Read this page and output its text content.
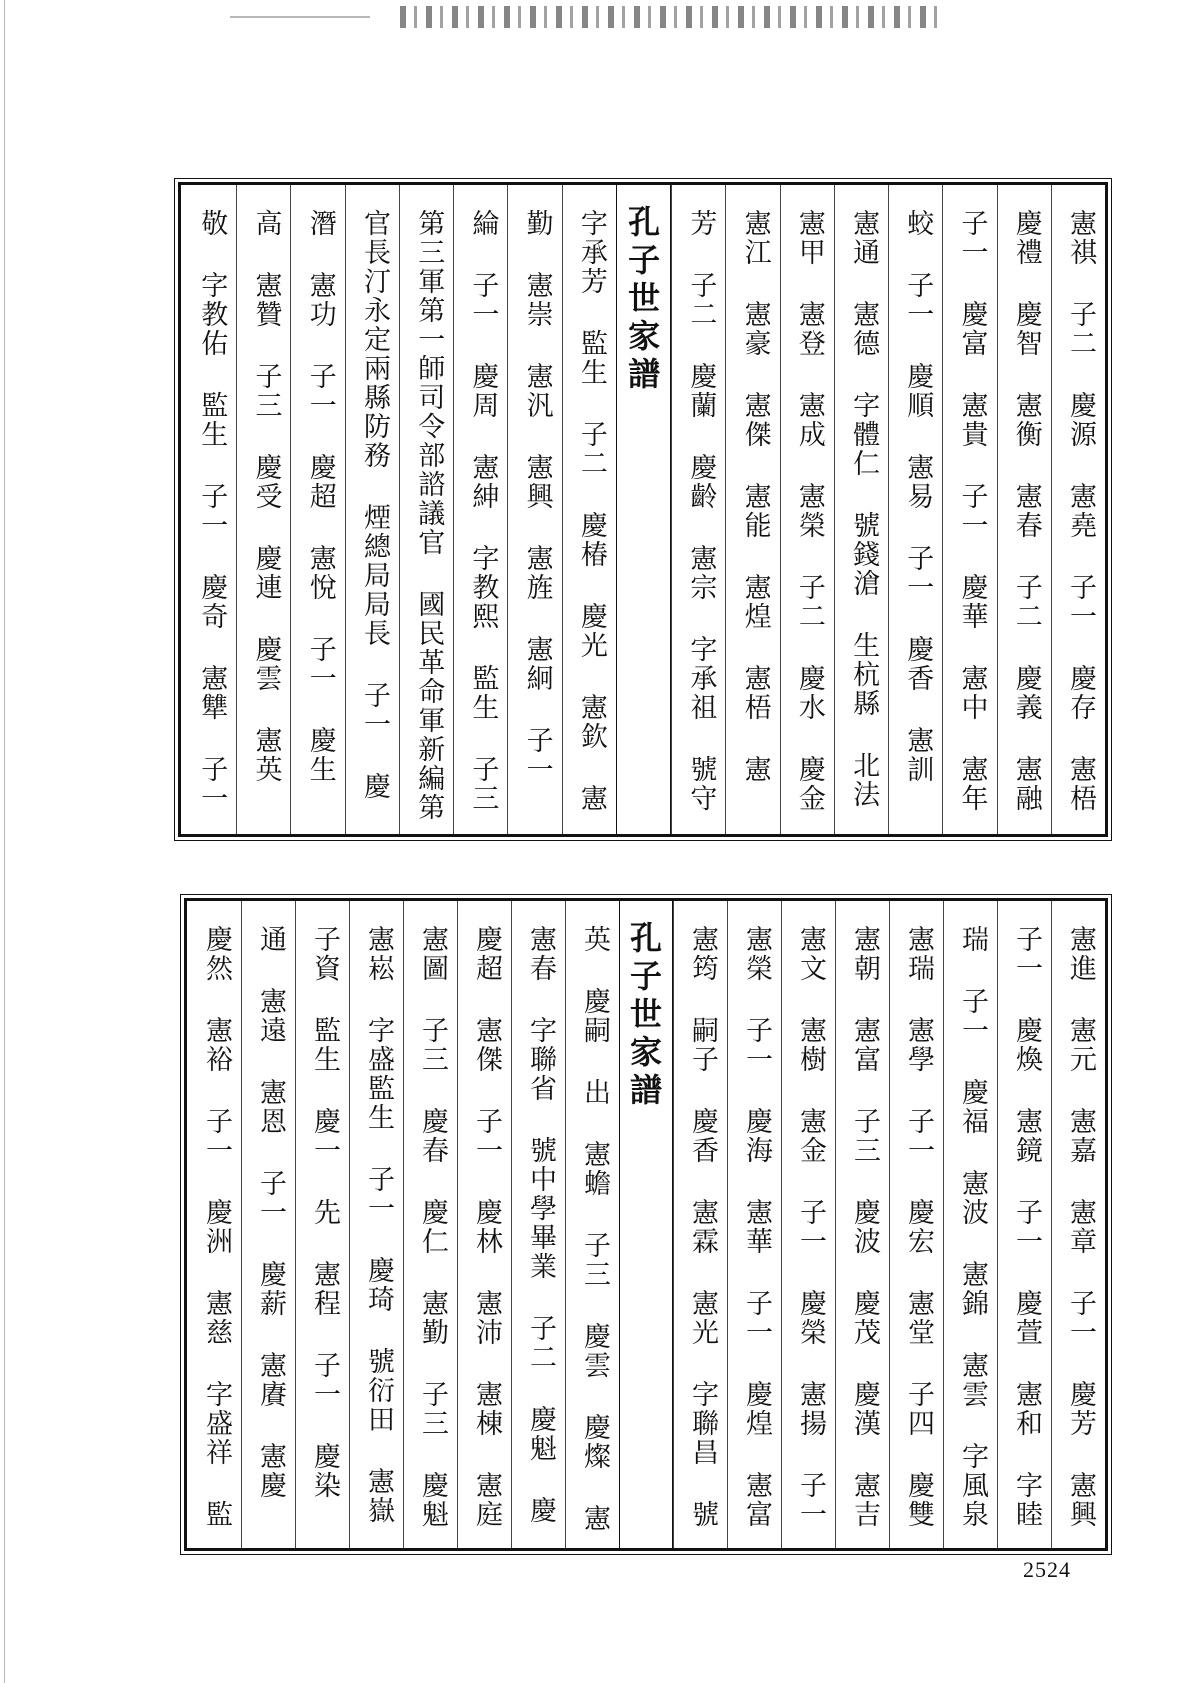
憲祺 子二 慶源 憲堯 子一 慶存 憲梧
慶禮 慶智 憲衡 憲春 子二 慶義 憲融
子一 慶富 憲貴 子一 慶華 憲中 憲年
蛟 子一 慶順 憲易 子一 慶香 憲訓
憲通 憲德 字體仁 號錢滄 生杭縣 北法
憲甲 憲登 憲成 憲榮 子二 慶水 慶金
憲江 憲豪 憲傑 憲能 憲煌 憲梧 憲
芳 子二 慶蘭 慶齡 憲宗 字承祖 號守
孔子世家譜
字承芳 監生 子二 慶椿 慶光 憲欽 憲
勤 憲崇 憲汎 憲興 憲旌 憲絅 子一
綸 子一 慶周 憲紳 字教熙 監生 子三
第三軍第一師司令部諮議官 國民革命軍新編第
官長汀永定兩縣防務 煙總局局長 子一 慶
潛 憲功 子一 慶超 憲悅 子一 慶生
高 憲贊 子三 慶受 慶連 慶雲 憲英
敬 字教佑 監生 子一 慶奇 憲犨 子一
憲進 憲元 憲嘉 憲章 子一 慶芳 憲興
子一 慶煥 憲鏡 子一 慶萱 憲和 字睦
瑞 子一 慶福 憲波 憲錦 憲雲 字風泉
憲瑞 憲學 子一 慶宏 憲堂 子四 慶雙
憲朝 憲富 子三 慶波 慶茂 慶漢 憲吉
憲文 憲樹 憲金 子一 慶榮 憲揚 子一
憲榮 子一 慶海 憲華 子一 慶煌 憲富
憲筠 嗣子 慶香 憲霖 憲光 字聯昌 號
孔子世家譜
英 慶嗣 出 憲蟾 子三 慶雲 慶燦 憲
憲春 字聯省 號中學畢業 子二 慶魁 慶
慶超 憲傑 子一 慶林 憲沛 憲棟 憲庭
憲圖 子三 慶春 慶仁 憲勤 子三 慶魁
憲崧 字盛監生 子一 慶琦 號衍田 憲嶽
子資 監生 慶一 先 憲程 子一 慶染
通 憲遠 憲恩 子一 慶薪 憲賡 憲慶
慶然 憲裕 子一 慶洲 憲慈 字盛祥 監
2524
